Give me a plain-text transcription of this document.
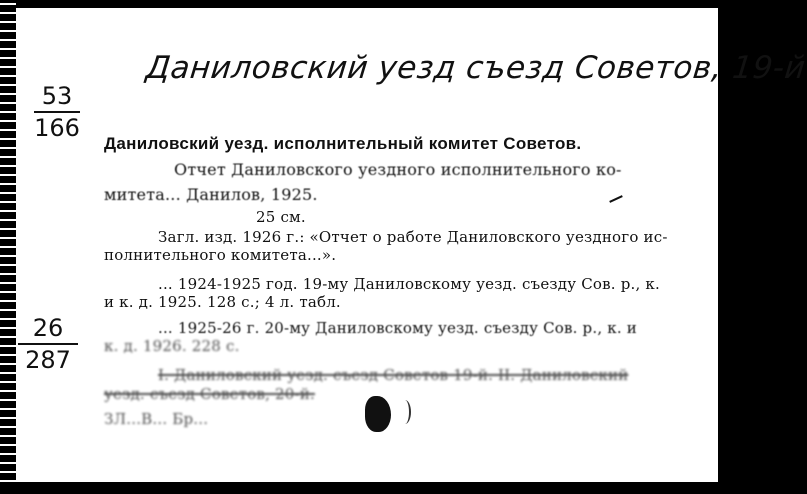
Даниловский уезд съезд Советов, 19-й
53
166
26
287
Даниловский уезд. исполнительный комитет Советов.
Отчет Даниловского уездного исполнительного ко-
митета... Данилов, 1925.
25 см.
Загл. изд. 1926 г.: «Отчет о работе Даниловского уездного ис-
полнительного комитета...».
... 1924-1925 год. 19-му Даниловскому уезд. съезду Сов. р., к.
и к. д. 1925. 128 с.; 4 л. табл.
... 1925-26 г. 20-му Даниловскому уезд. съезду Сов. р., к. и
к. д. 1926. 228 с.
I. Даниловский уезд. съезд Советов 19-й. II. Даниловский
уезд. съезд Советов, 20-й.
ЗЛ...В... Бр...
